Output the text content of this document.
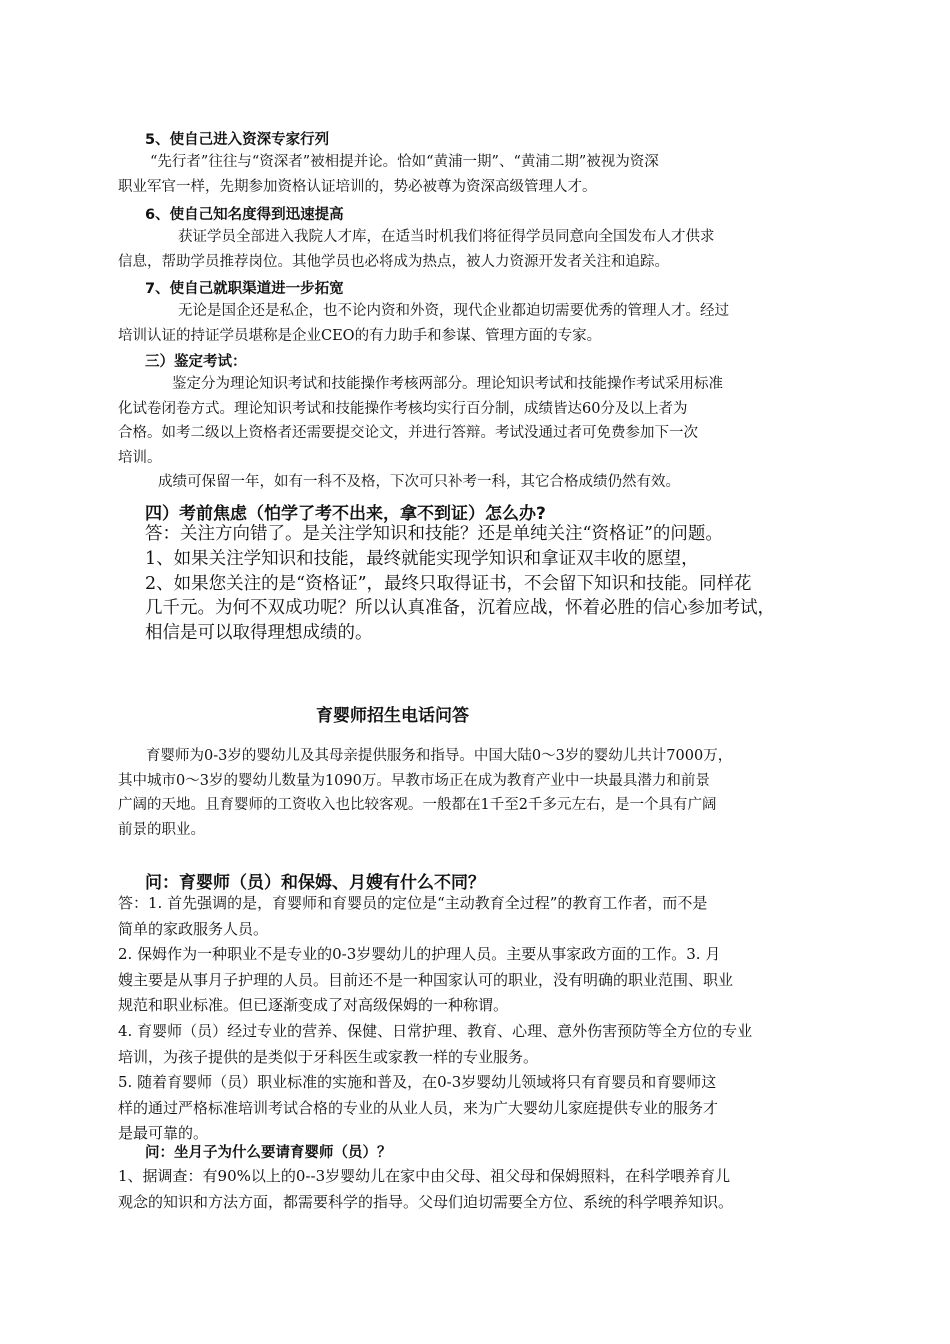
5、使自己进入资深专家行列
“先行者”往往与“资深者”被相提并论。恰如“黄浦一期”、“黄浦二期”被视为资深
职业军官一样，先期参加资格认证培训的，势必被尊为资深高级管理人才。
6、使自己知名度得到迅速提高
获证学员全部进入我院人才库，在适当时机我们将征得学员同意向全国发布人才供求
信息，帮助学员推荐岗位。其他学员也必将成为热点，被人力资源开发者关注和追踪。
7、使自己就职渠道进一步拓宽
无论是国企还是私企，也不论内资和外资，现代企业都迫切需要优秀的管理人才。经过
培训认证的持证学员堪称是企业CEO的有力助手和参谋、管理方面的专家。
三）鉴定考试：
鉴定分为理论知识考试和技能操作考核两部分。理论知识考试和技能操作考试采用标准
化试卷闭卷方式。理论知识考试和技能操作考核均实行百分制，成绩皆达60分及以上者为
合格。如考二级以上资格者还需要提交论文，并进行答辩。考试没通过者可免费参加下一次
培训。
成绩可保留一年，如有一科不及格，下次可只补考一科，其它合格成绩仍然有效。
四）考前焦虑（怕学了考不出来，拿不到证）怎么办?
答：关注方向错了。是关注学知识和技能？还是单纯关注“资格证”的问题。
1、如果关注学知识和技能，最终就能实现学知识和拿证双丰收的愿望，
2、如果您关注的是“资格证”，最终只取得证书，不会留下知识和技能。同样花
几千元。为何不双成功呢？所以认真准备，沉着应战，怀着必胜的信心参加考试，
相信是可以取得理想成绩的。
育婴师招生电话问答
育婴师为0-3岁的婴幼儿及其母亲提供服务和指导。中国大陆0～3岁的婴幼儿共计7000万，
其中城市0～3岁的婴幼儿数量为1090万。早教市场正在成为教育产业中一块最具潜力和前景
广阔的天地。且育婴师的工资收入也比较客观。一般都在1千至2千多元左右，是一个具有广阔
前景的职业。
问：育婴师（员）和保姆、月嫂有什么不同？
答：1. 首先强调的是，育婴师和育婴员的定位是“主动教育全过程”的教育工作者，而不是
简单的家政服务人员。
2. 保姆作为一种职业不是专业的0-3岁婴幼儿的护理人员。主要从事家政方面的工作。3. 月
嫂主要是从事月子护理的人员。目前还不是一种国家认可的职业，没有明确的职业范围、职业
规范和职业标准。但已逐渐变成了对高级保姆的一种称谓。
4. 育婴师（员）经过专业的营养、保健、日常护理、教育、心理、意外伤害预防等全方位的专业
培训，为孩子提供的是类似于牙科医生或家教一样的专业服务。
5. 随着育婴师（员）职业标准的实施和普及，在0-3岁婴幼儿领域将只有育婴员和育婴师这
样的通过严格标准培训考试合格的专业的从业人员，来为广大婴幼儿家庭提供专业的服务才
是最可靠的。
问：坐月子为什么要请育婴师（员）？
1、据调查：有90%以上的0--3岁婴幼儿在家中由父母、祖父母和保姆照料，在科学喂养育儿
观念的知识和方法方面，都需要科学的指导。父母们迫切需要全方位、系统的科学喂养知识。
